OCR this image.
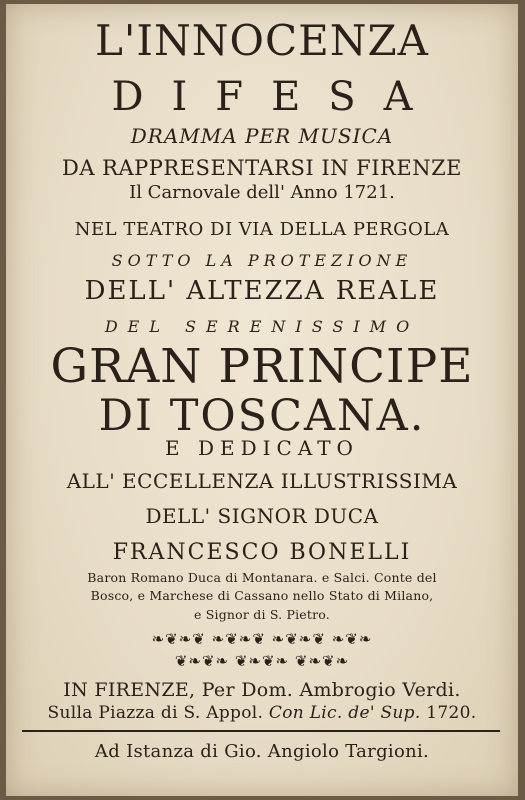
L'INNOCENZA
DIFESA
DRAMMA PER MUSICA
DA RAPPRESENTARSI IN FIRENZE
Il Carnovale dell' Anno 1721.
NEL TEATRO DI VIA DELLA PERGOLA
SOTTO LA PROTEZIONE
DELL' ALTEZZA REALE
DEL SERENISSIMO
GRAN PRINCIPE
DI TOSCANA.
E DEDICATO
ALL' ECCELLENZA ILLUSTRISSIMA
DELL' SIGNOR DUCA
FRANCESCO BONELLI
Baron Romano Duca di Montanara. e Salci. Conte del
Bosco, e Marchese di Cassano nello Stato di Milano,
e Signor di S. Pietro.
❧❦❧❦ ❧❦❧❦ ❧❦❧❦ ❧❦❧
❦❧❦❧ ❦❧❦❧ ❦❧❦❧
IN FIRENZE, Per Dom. Ambrogio Verdi.
Sulla Piazza di S. Appol. Con Lic. de' Sup. 1720.
Ad Istanza di Gio. Angiolo Targioni.
